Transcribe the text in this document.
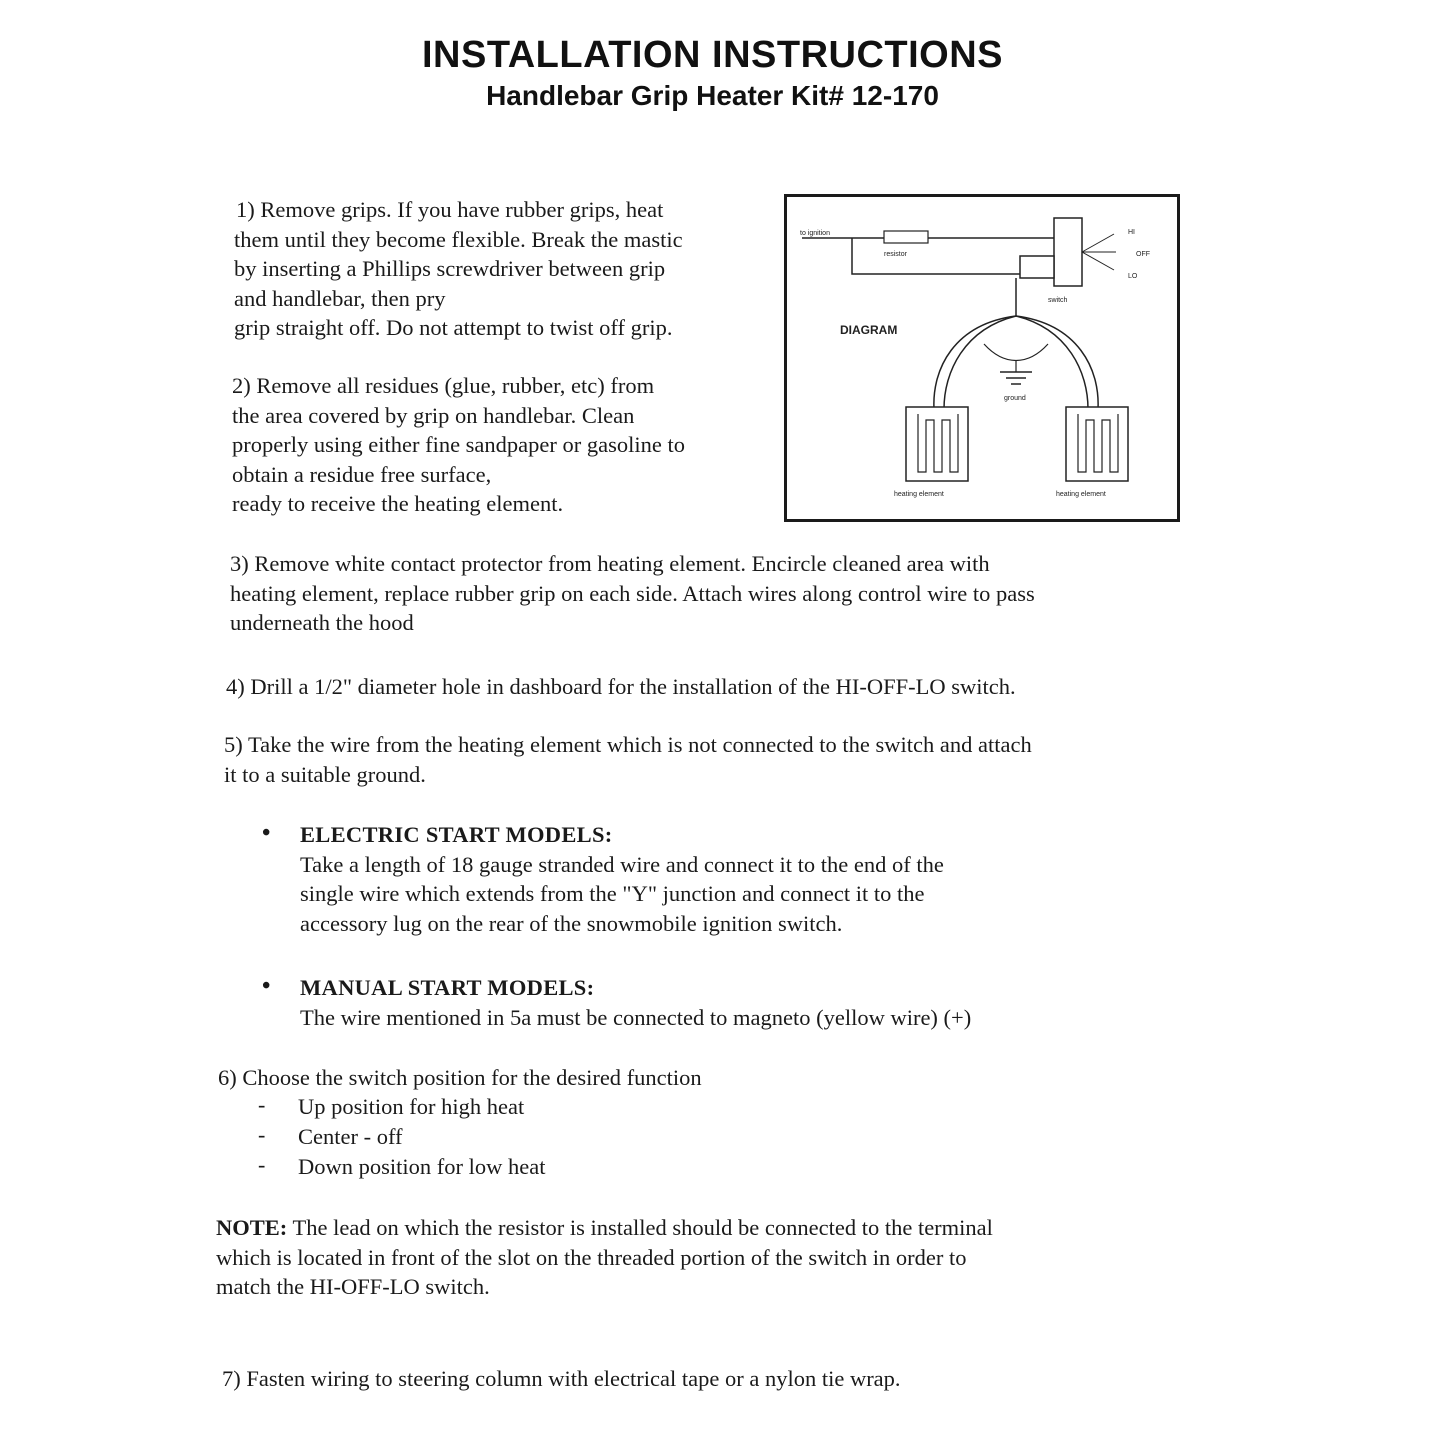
INSTALLATION INSTRUCTIONS
Handlebar Grip Heater Kit# 12-170
1) Remove grips. If you have rubber grips, heat
them until they become flexible. Break the mastic
by inserting a Phillips screwdriver between grip
and handlebar, then pry
grip straight off. Do not attempt to twist off grip.
2) Remove all residues (glue, rubber, etc) from
the area covered by grip on handlebar. Clean
properly using either fine sandpaper or gasoline to
obtain a residue free surface,
ready to receive the heating element.
to ignition
resistor
HI
OFF
LO
switch
ground
DIAGRAM
heating element	heating element
3) Remove white contact protector from heating element. Encircle cleaned area with
heating element, replace rubber grip on each side. Attach wires along control wire to pass
underneath the hood
4) Drill a 1/2" diameter hole in dashboard for the installation of the HI-OFF-LO switch.
5) Take the wire from the heating element which is not connected to the switch and attach
it to a suitable ground.
• ELECTRIC START MODELS:
Take a length of 18 gauge stranded wire and connect it to the end of the
single wire which extends from the "Y" junction and connect it to the
accessory lug on the rear of the snowmobile ignition switch.
• MANUAL START MODELS:
The wire mentioned in 5a must be connected to magneto (yellow wire) (+)
6) Choose the switch position for the desired function
- Up position for high heat
- Center - off
- Down position for low heat
NOTE: The lead on which the resistor is installed should be connected to the terminal
which is located in front of the slot on the threaded portion of the switch in order to
match the HI-OFF-LO switch.
7) Fasten wiring to steering column with electrical tape or a nylon tie wrap.
